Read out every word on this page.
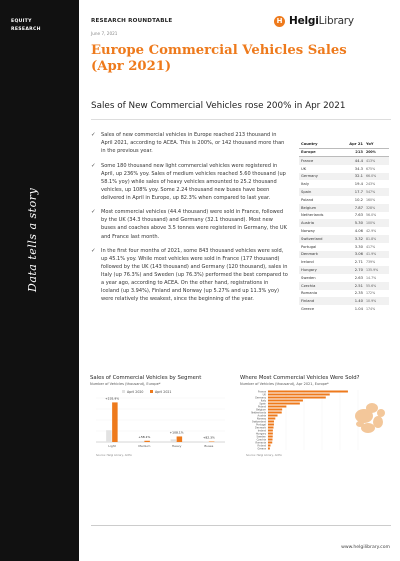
EQUITY
RESEARCH
Data tells a story
RESEARCH ROUNDTABLE
June 7, 2021
H HelgiLibrary
Europe Commercial Vehicles Sales
(Apr 2021)
Sales of New Commercial Vehicles rose 200% in Apr 2021
✓ Sales of new commercial vehicles in Europe reached 213 thousand in April 2021, according to ACEA. This is 200%, or 142 thousand more than in the previous year.
✓ Some 180 thousand new light commercial vehicles were registered in April, up 236% yoy. Sales of medium vehicles reached 5.60 thousand (up 58.1% yoy) while sales of heavy vehicles amounted to 25.2 thousand vehicles, up 108% yoy. Some 2.24 thousand new buses have been delivered in April in Europe, up 82.3% when compared to last year.
✓ Most commercial vehicles (44.4 thousand) were sold in France, followed by the UK (34.3 thousand) and Germany (32.1 thousand). Most new buses and coaches above 3.5 tonnes were registered in Germany, the UK and France last month.
✓ In the first four months of 2021, some 843 thousand vehicles were sold, up 45.1% yoy. While most vehicles were sold in France (177 thousand) followed by the UK (143 thousand) and Germany (120 thousand), sales in Italy (up 76.3%) and Sweden (up 76.3%) performed the best compared to a year ago, according to ACEA. On the other hand, registrations in Iceland (up 3.94%), Finland and Norway (up 5.27% and up 11.3% yoy) were relatively the weakest, since the beginning of the year.
Country	Apr 21 YoY
Europe	213 200%
France	44.4 413%
UK	34.3 675%
Germany	32.1 66.0%
Italy	19.4 243%
Spain	17.7 547%
Poland	10.2 160%
Belgium	7.87 328%
Netherlands	7.63 56.0%
Austria	5.30 100%
Norway	4.06 42.9%
Switzerland	3.32 81.8%
Portugal	3.30 417%
Denmark	3.06 41.9%
Ireland	2.71 739%
Hungary	2.70 135.9%
Sweden	2.63 14.7%
Czechia	2.51 55.6%
Romania	2.35 172%
Finland	1.40 10.9%
Greece	1.04 174%
Sales of Commercial Vehicles by Segment
Number of Vehicles (thousand), Europe*
April 2020	April 2021
+235.9%
Light
+58.1%
Medium
+108.1%
Heavy
+82.3%
Buses
Source: Helgi Library, ACEA
Where Most Commercial Vehicles Were Sold?
Number of Vehicles (thousand), Apr 2021, Europe*
France
UK
Germany
Italy
Spain
Poland
Belgium
Netherlands
Austria
Norway
Switzerland
Portugal
Denmark
Ireland
Hungary
Sweden
Czechia
Romania
Finland
Greece
Source: Helgi Library, ACEA
www.helgilibrary.com
